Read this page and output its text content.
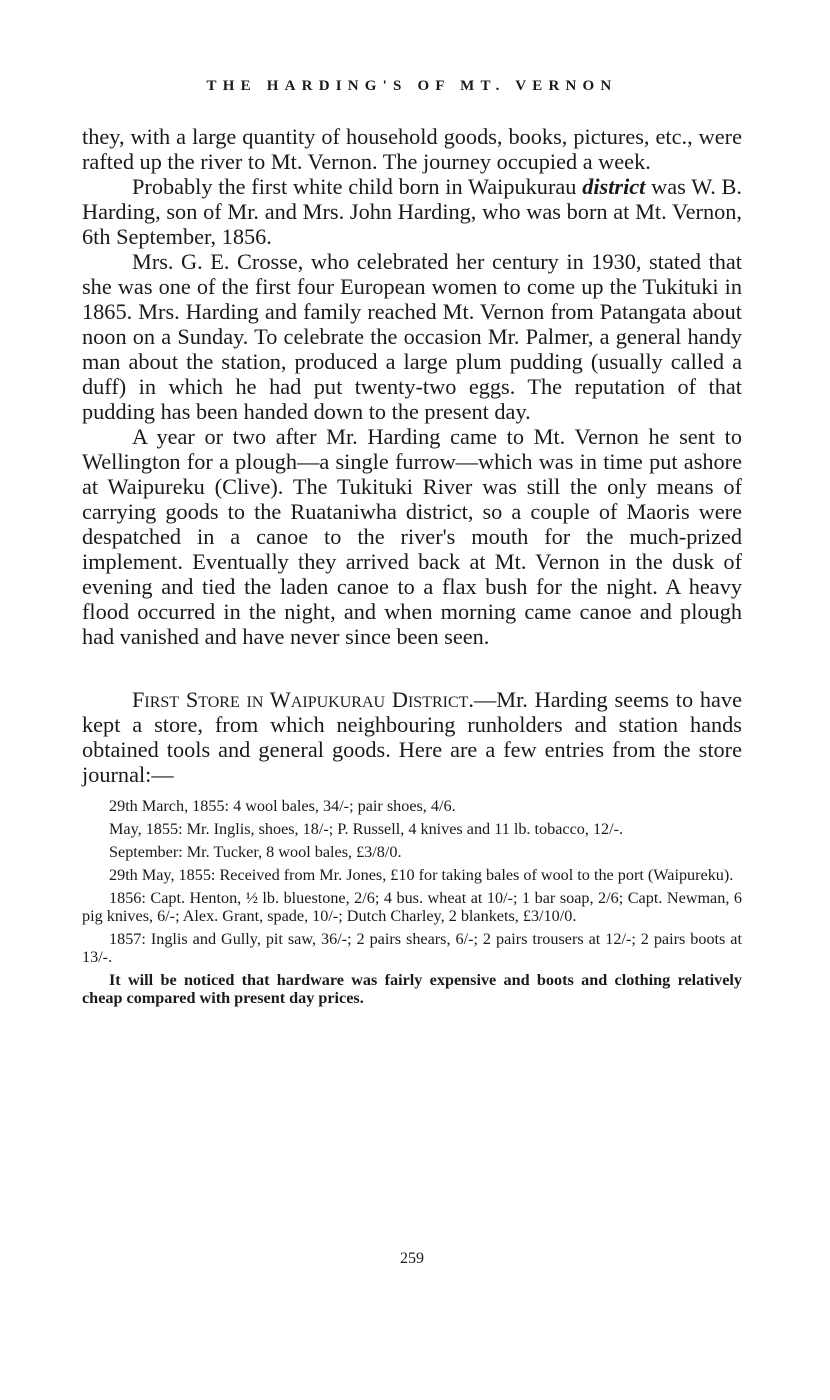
THE HARDING'S OF MT. VERNON

they, with a large quantity of household goods, books, pictures, etc., were rafted up the river to Mt. Vernon. The journey occupied a week.

Probably the first white child born in Waipukurau district was W. B. Harding, son of Mr. and Mrs. John Harding, who was born at Mt. Vernon, 6th September, 1856.

Mrs. G. E. Crosse, who celebrated her century in 1930, stated that she was one of the first four European women to come up the Tukituki in 1865. Mrs. Harding and family reached Mt. Vernon from Patangata about noon on a Sunday. To celebrate the occasion Mr. Palmer, a general handy man about the station, produced a large plum pudding (usually called a duff) in which he had put twenty-two eggs. The reputation of that pudding has been handed down to the present day.

A year or two after Mr. Harding came to Mt. Vernon he sent to Wellington for a plough—a single furrow—which was in time put ashore at Waipureku (Clive). The Tukituki River was still the only means of carrying goods to the Ruataniwha district, so a couple of Maoris were despatched in a canoe to the river's mouth for the much-prized implement. Eventually they arrived back at Mt. Vernon in the dusk of evening and tied the laden canoe to a flax bush for the night. A heavy flood occurred in the night, and when morning came canoe and plough had vanished and have never since been seen.

First Store in Waipukurau District.—Mr. Harding seems to have kept a store, from which neighbouring runholders and station hands obtained tools and general goods. Here are a few entries from the store journal:—

29th March, 1855: 4 wool bales, 34/-; pair shoes, 4/6.

May, 1855: Mr. Inglis, shoes, 18/-; P. Russell, 4 knives and 11 lb. tobacco, 12/-.

September: Mr. Tucker, 8 wool bales, £3/8/0.

29th May, 1855: Received from Mr. Jones, £10 for taking bales of wool to the port (Waipureku).

1856: Capt. Henton, ½ lb. bluestone, 2/6; 4 bus. wheat at 10/-; 1 bar soap, 2/6; Capt. Newman, 6 pig knives, 6/-; Alex. Grant, spade, 10/-; Dutch Charley, 2 blankets, £3/10/0.

1857: Inglis and Gully, pit saw, 36/-; 2 pairs shears, 6/-; 2 pairs trousers at 12/-; 2 pairs boots at 13/-.

It will be noticed that hardware was fairly expensive and boots and clothing relatively cheap compared with present day prices.

259
